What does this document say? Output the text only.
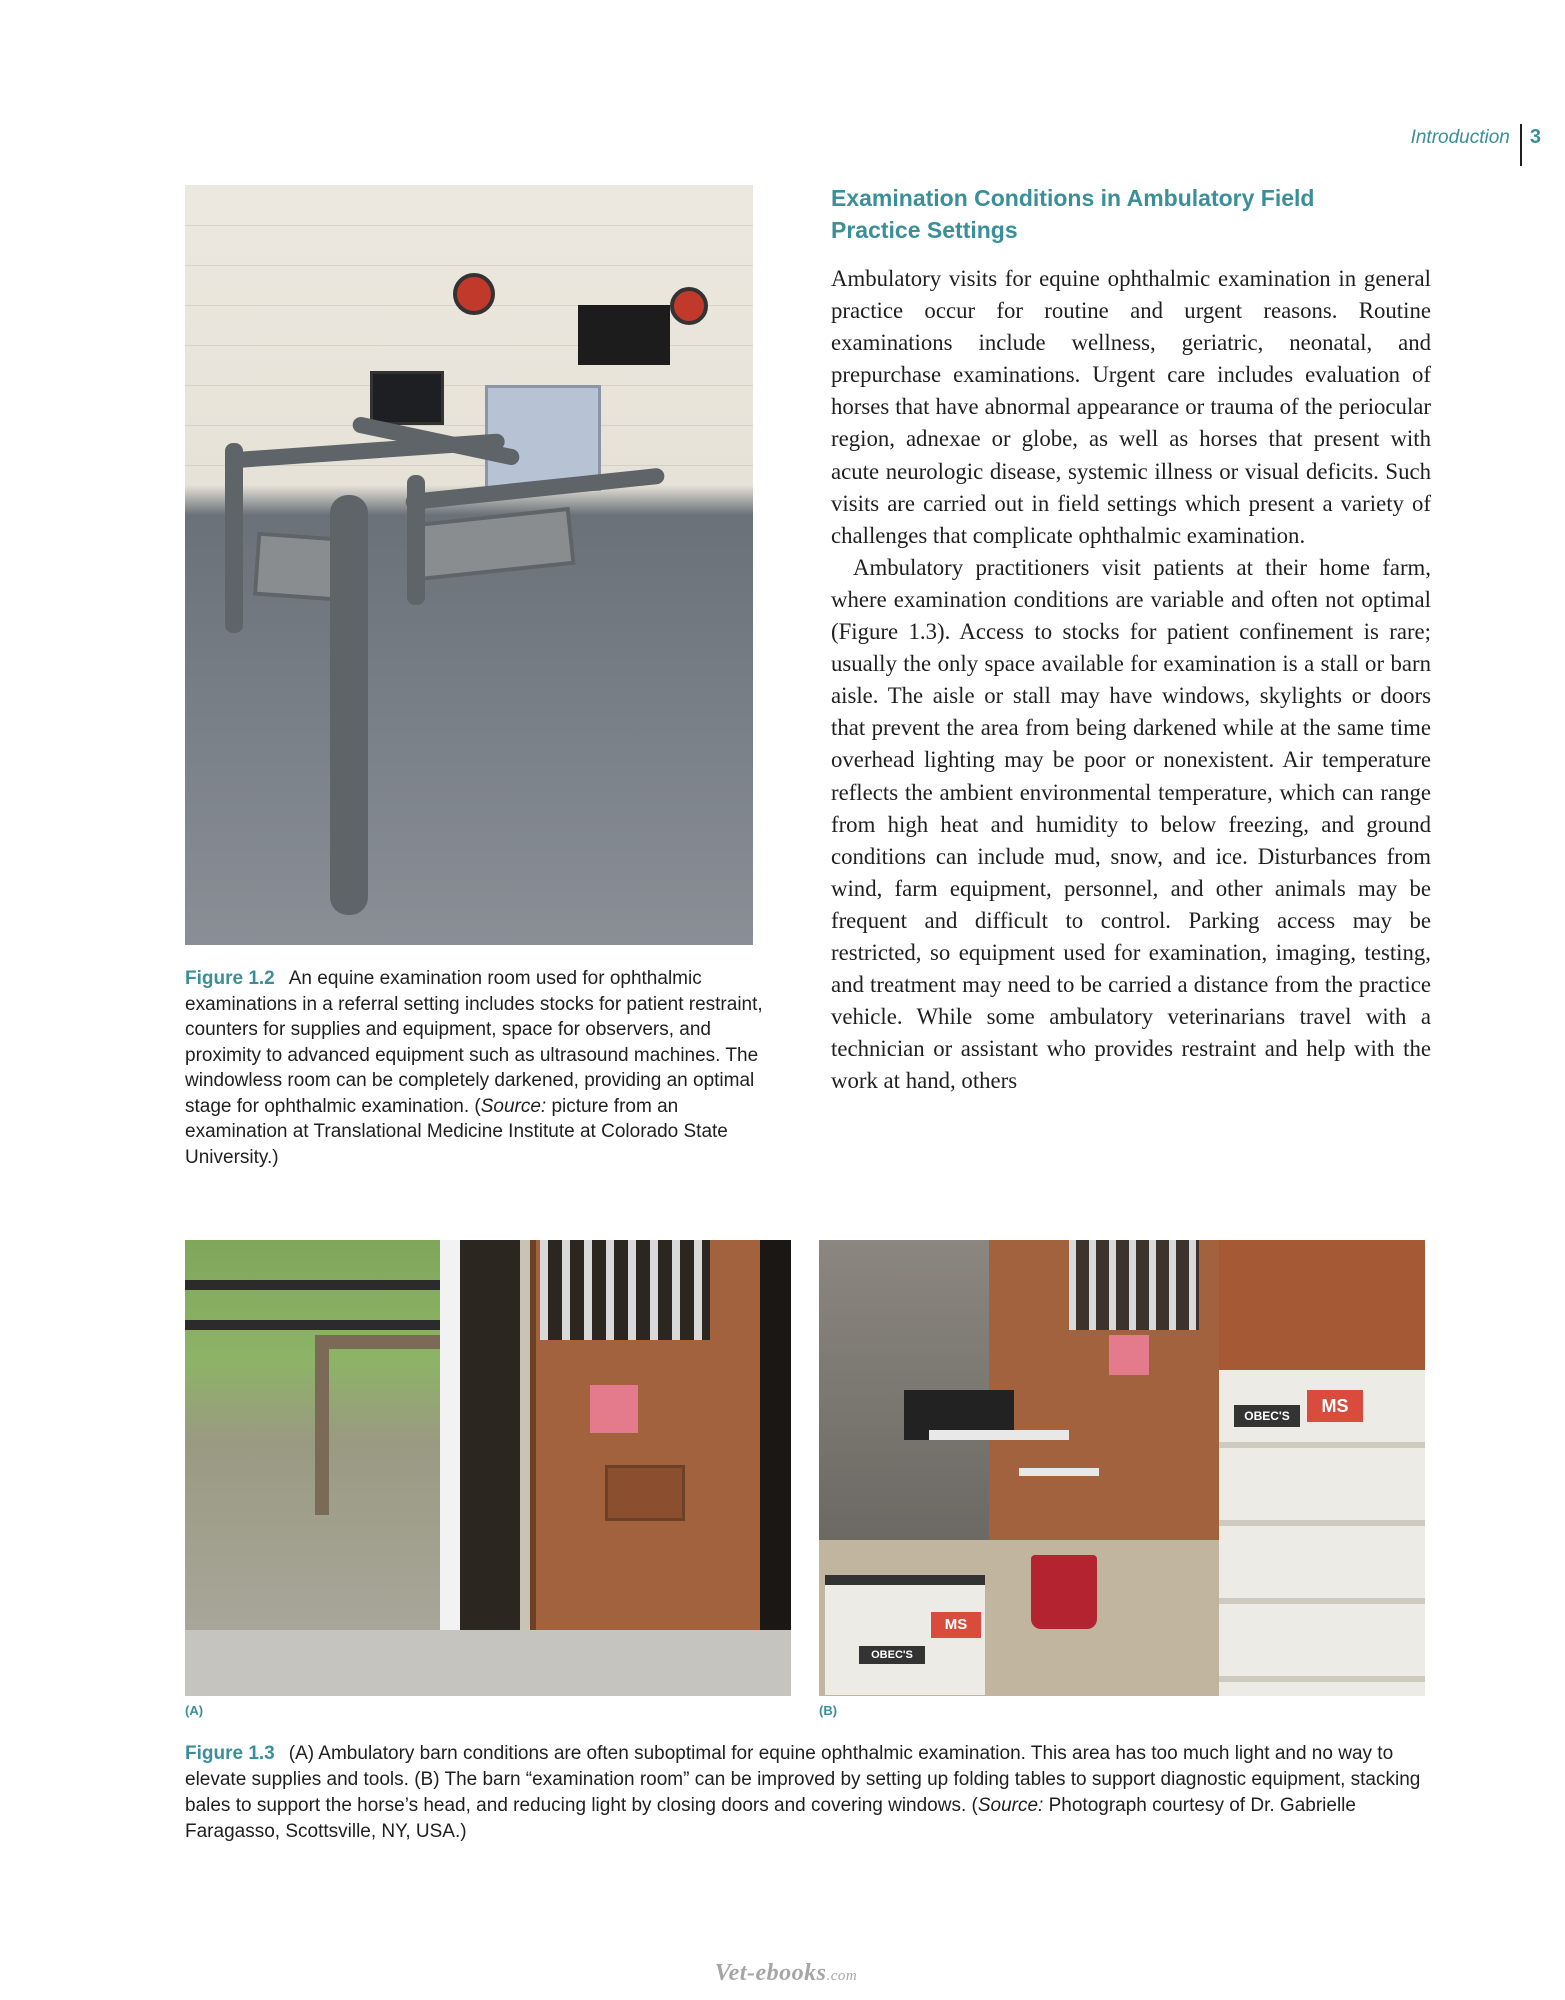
Introduction	3
Figure 1.2 An equine examination room used for ophthalmic examinations in a referral setting includes stocks for patient restraint, counters for supplies and equipment, space for observers, and proximity to advanced equipment such as ultrasound machines. The windowless room can be completely darkened, providing an optimal stage for ophthalmic examination. (Source: picture from an examination at Translational Medicine Institute at Colorado State University.)
Examination Conditions in Ambulatory Field Practice Settings

Ambulatory visits for equine ophthalmic examination in general practice occur for routine and urgent reasons. Routine examinations include wellness, geriatric, neonatal, and prepurchase examinations. Urgent care includes evaluation of horses that have abnormal appearance or trauma of the periocular region, adnexae or globe, as well as horses that present with acute neurologic disease, systemic illness or visual deficits. Such visits are carried out in field settings which present a variety of challenges that complicate ophthalmic examination.

Ambulatory practitioners visit patients at their home farm, where examination conditions are variable and often not optimal (Figure 1.3). Access to stocks for patient confinement is rare; usually the only space available for examination is a stall or barn aisle. The aisle or stall may have windows, skylights or doors that prevent the area from being darkened while at the same time overhead lighting may be poor or nonexistent. Air temperature reflects the ambient environmental temperature, which can range from high heat and humidity to below freezing, and ground conditions can include mud, snow, and ice. Disturbances from wind, farm equipment, personnel, and other animals may be frequent and difficult to control. Parking access may be restricted, so equipment used for examination, imaging, testing, and treatment may need to be carried a distance from the practice vehicle. While some ambulatory veterinarians travel with a technician or assistant who provides restraint and help with the work at hand, others

(A)
MS
OBEC'S
OBEC'S	MS
(B)
Figure 1.3 (A) Ambulatory barn conditions are often suboptimal for equine ophthalmic examination. This area has too much light and no way to elevate supplies and tools. (B) The barn “examination room” can be improved by setting up folding tables to support diagnostic equipment, stacking bales to support the horse’s head, and reducing light by closing doors and covering windows. (Source: Photograph courtesy of Dr. Gabrielle Faragasso, Scottsville, NY, USA.)
Vet-ebooks.com
